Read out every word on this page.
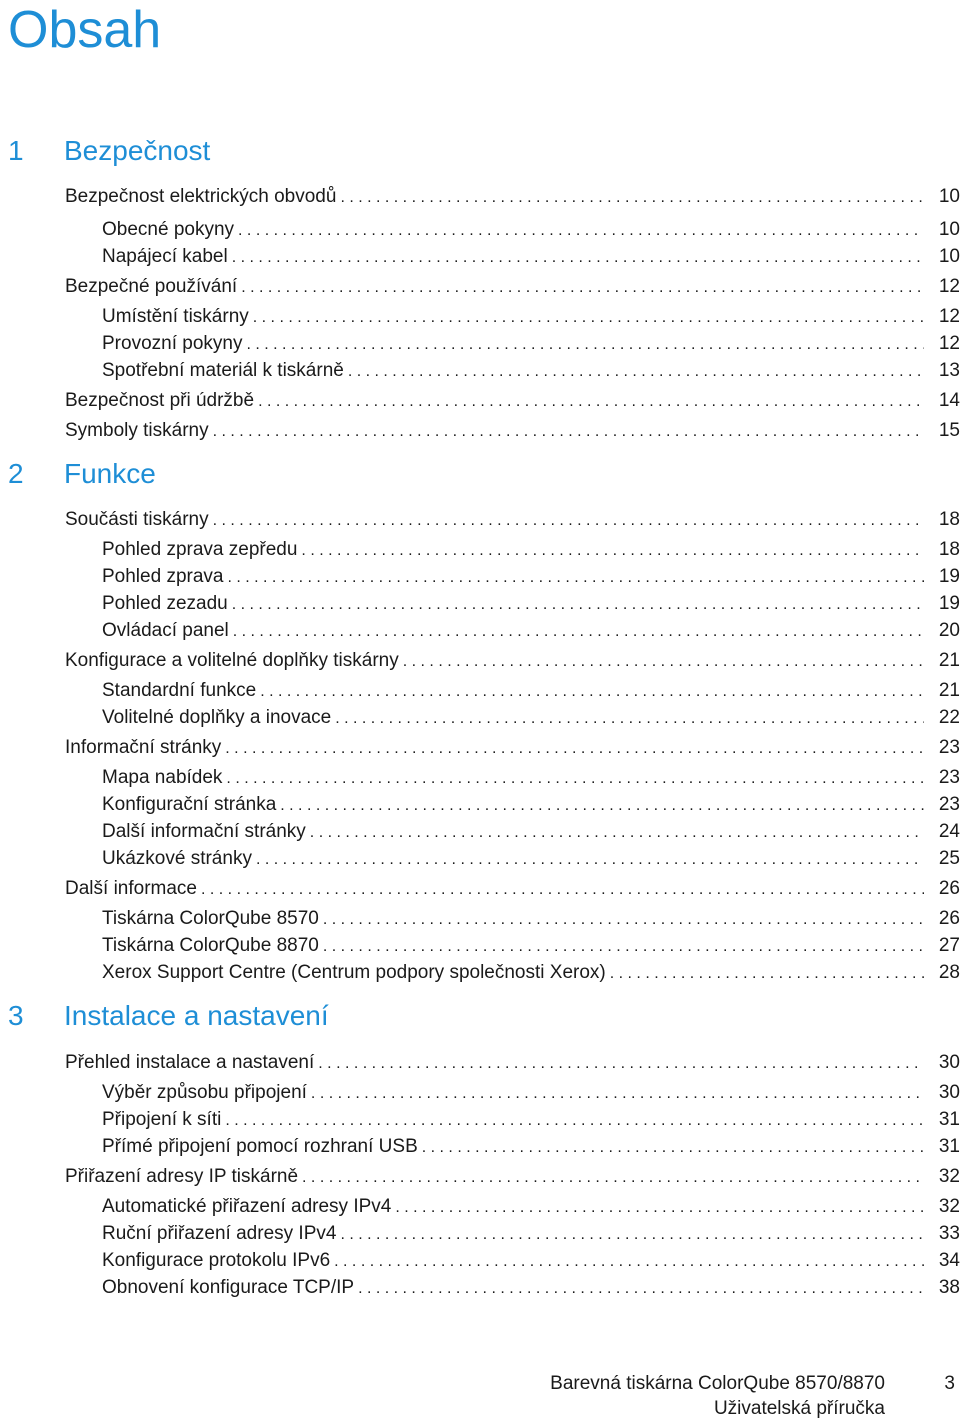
Obsah
1 Bezpečnost
Bezpečnost elektrických obvodů . . .	10
Obecné pokyny . . .	10
Napájecí kabel . . .	10
Bezpečné používání . . .	12
Umístění tiskárny . . .	12
Provozní pokyny . . .	12
Spotřební materiál k tiskárně . . .	13
Bezpečnost při údržbě . . .	14
Symboly tiskárny . . .	15
2 Funkce
Součásti tiskárny . . .	18
Pohled zprava zepředu . . .	18
Pohled zprava . . .	19
Pohled zezadu . . .	19
Ovládací panel . . .	20
Konfigurace a volitelné doplňky tiskárny . . .	21
Standardní funkce . . .	21
Volitelné doplňky a inovace . . .	22
Informační stránky . . .	23
Mapa nabídek . . .	23
Konfigurační stránka . . .	23
Další informační stránky . . .	24
Ukázkové stránky . . .	25
Další informace . . .	26
Tiskárna ColorQube 8570 . . .	26
Tiskárna ColorQube 8870 . . .	27
Xerox Support Centre (Centrum podpory společnosti Xerox) . . .	28
3 Instalace a nastavení
Přehled instalace a nastavení . . .	30
Výběr způsobu připojení . . .	30
Připojení k síti . . .	31
Přímé připojení pomocí rozhraní USB . . .	31
Přiřazení adresy IP tiskárně . . .	32
Automatické přiřazení adresy IPv4 . . .	32
Ruční přiřazení adresy IPv4 . . .	33
Konfigurace protokolu IPv6 . . .	34
Obnovení konfigurace TCP/IP . . .	38
Barevná tiskárna ColorQube 8570/8870
Uživatelská příručka
3
